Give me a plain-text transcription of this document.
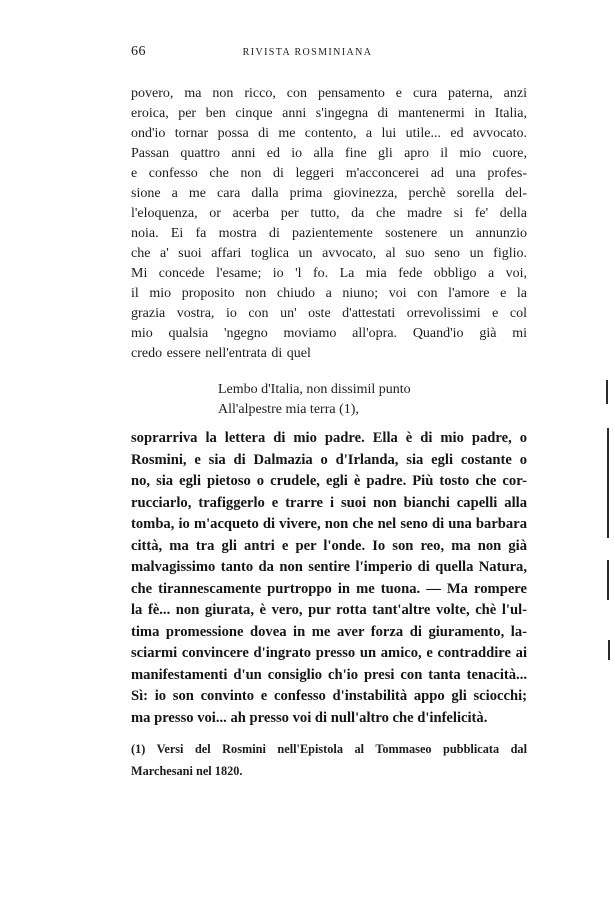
66	RIVISTA ROSMINIANA
povero, ma non ricco, con pensamento e cura paterna, anzi
eroica, per ben cinque anni s'ingegna di mantenermi in Italia,
ond'io tornar possa di me contento, a lui utile... ed avvocato.
Passan quattro anni ed io alla fine gli apro il mio cuore,
e confesso che non di leggeri m'acconcerei ad una profes-
sione a me cara dalla prima giovinezza, perchè sorella del-
l'eloquenza, or acerba per tutto, da che madre si fe' della
noia. Ei fa mostra di pazientemente sostenere un annunzio
che a' suoi affari toglica un avvocato, al suo seno un figlio.
Mi concede l'esame; io 'l fo. La mia fede obbligo a voi,
il mio proposito non chiudo a niuno; voi con l'amore e la
grazia vostra, io con un' oste d'attestati orrevolissimi e col
mio qualsia 'ngegno moviamo all'opra. Quand'io già mi
credo essere nell'entrata di quel
Lembo d'Italia, non dissimil punto
All'alpestre mia terra (1),
soprarriva la lettera di mio padre. Ella è di mio padre, o
Rosmini, e sia di Dalmazia o d'Irlanda, sia egli costante o
no, sia egli pietoso o crudele, egli è padre. Più tosto che cor-
rucciarlo, trafiggerlo e trarre i suoi non bianchi capelli alla
tomba, io m'acqueto di vivere, non che nel seno di una barbara
città, ma tra gli antri e per l'onde. Io son reo, ma non già
malvagissimo tanto da non sentire l'imperio di quella Natura,
che tirannescamente purtroppo in me tuona. — Ma rompere
la fè... non giurata, è vero, pur rotta tant'altre volte, chè l'ul-
tima promessione dovea in me aver forza di giuramento, la-
sciarmi convincere d'ingrato presso un amico, e contraddire ai
manifestamenti d'un consiglio ch'io presi con tanta tenacità...
Sì: io son convinto e confesso d'instabilità appo gli sciocchi;
ma presso voi... ah presso voi di null'altro che d'infelicità.
(1) Versi del Rosmini nell'Epistola al Tommaseo pubblicata dal
Marchesani nel 1820.
